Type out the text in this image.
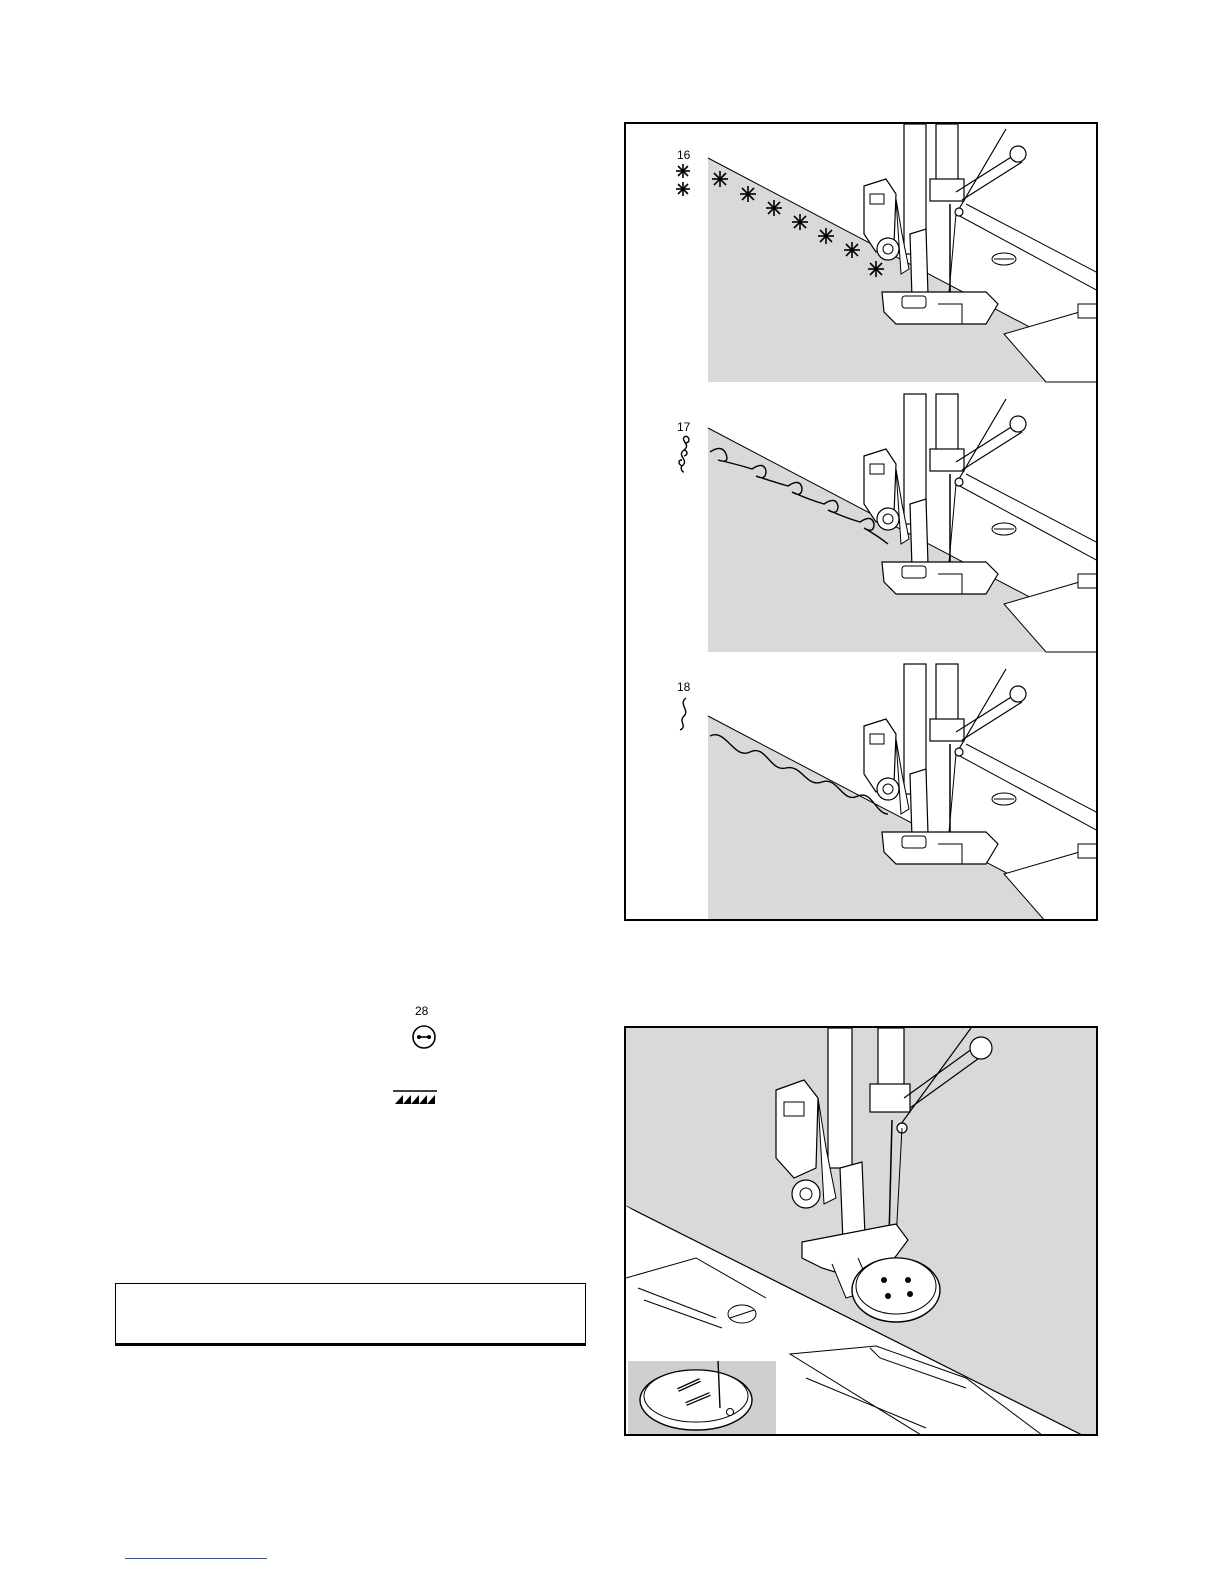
16
17
18
28
